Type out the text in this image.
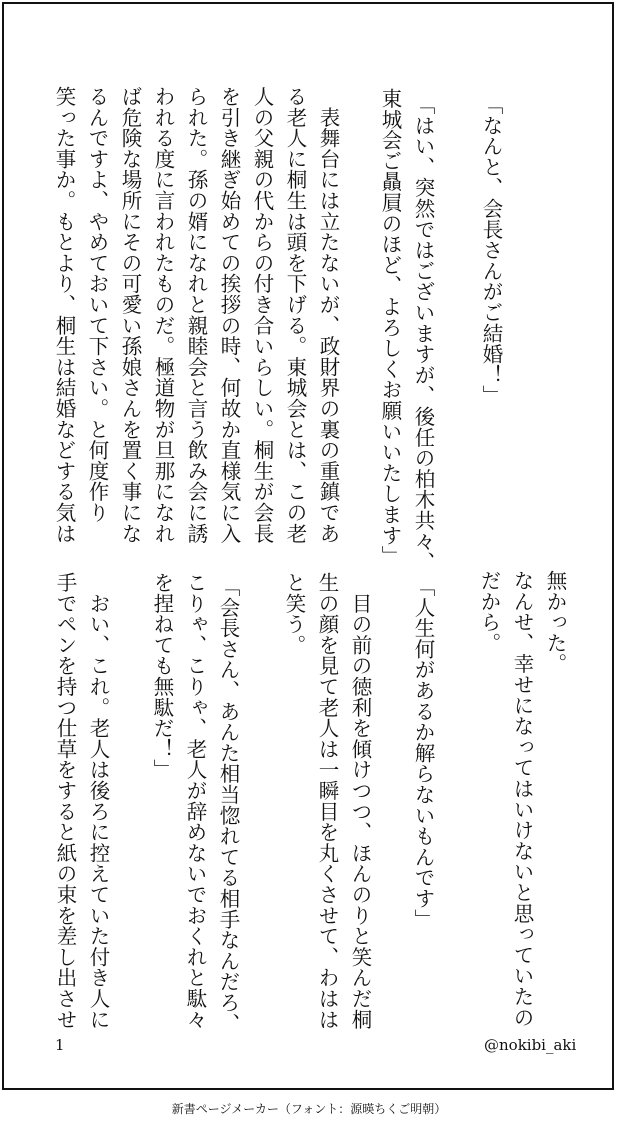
「なんと、会長さんがご結婚！」
「はい、突然ではございますが、後任の柏木共々、
東城会ご贔屓のほど、よろしくお願いいたします」
　表舞台には立たないが、政財界の裏の重鎮であ
る老人に桐生は頭を下げる。東城会とは、この老
人の父親の代からの付き合いらしい。桐生が会長
を引き継ぎ始めての挨拶の時、何故か直様気に入
られた。孫の婿になれと親睦会と言う飲み会に誘
われる度に言われたものだ。極道物が旦那になれ
ば危険な場所にその可愛い孫娘さんを置く事にな
るんですよ、やめておいて下さい。と何度作り
笑った事か。もとより、桐生は結婚などする気は
無かった。
なんせ、幸せになってはいけないと思っていたの
だから。
「人生何があるか解らないもんです」
　目の前の徳利を傾けつつ、ほんのりと笑んだ桐
生の顔を見て老人は一瞬目を丸くさせて、わはは
と笑う。
「会長さん、あんた相当惚れてる相手なんだろ、
こりゃ、こりゃ、老人が辞めないでおくれと駄々
を捏ねても無駄だ！」
　おい、これ。老人は後ろに控えていた付き人に
手でペンを持つ仕草をすると紙の束を差し出させ
1	@nokibi_aki
新書ページメーカー（フォント：源暎ちくご明朝）
